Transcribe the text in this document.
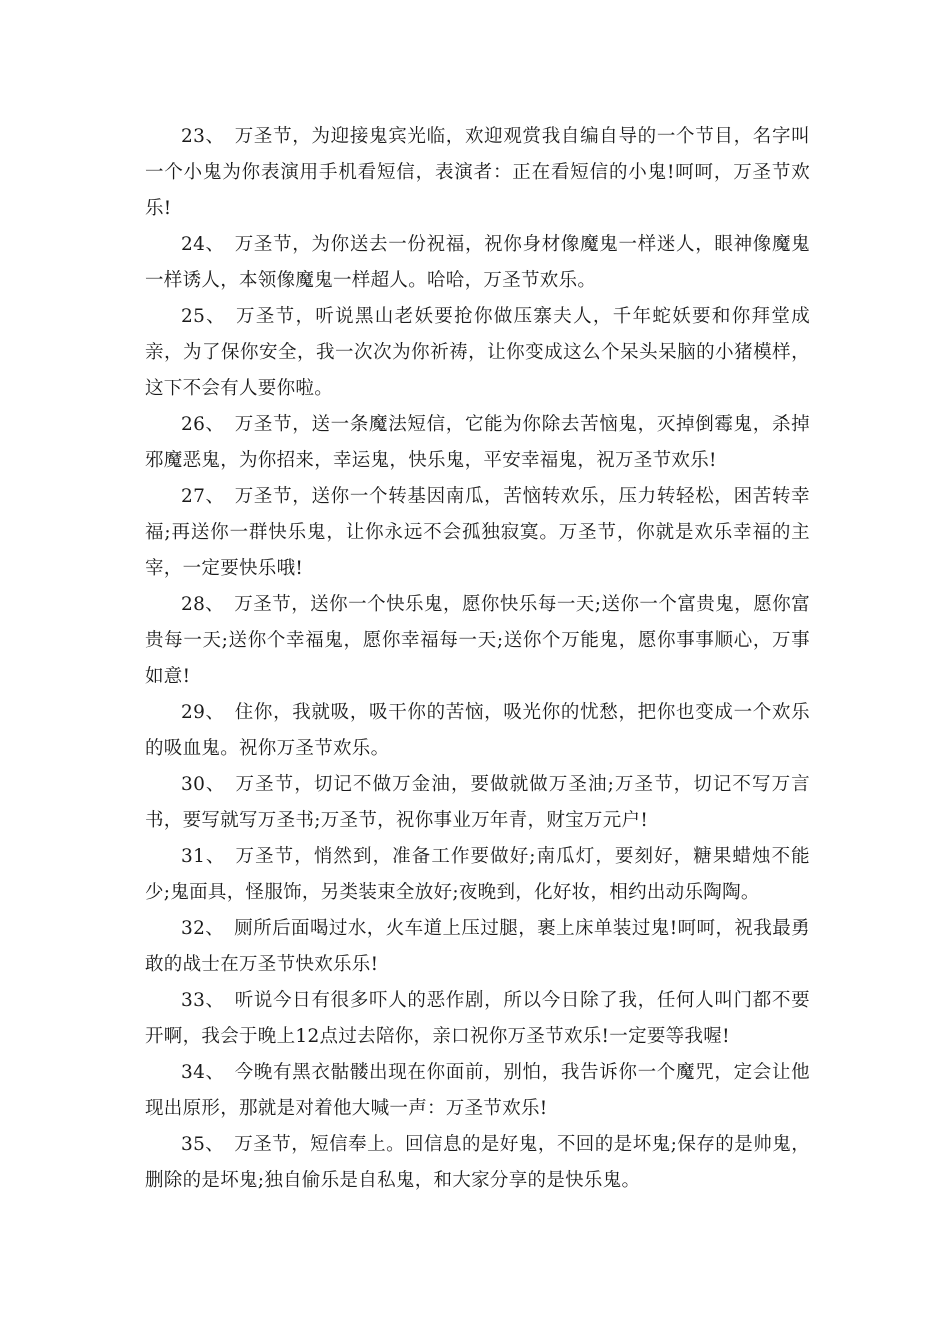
23、 万圣节，为迎接鬼宾光临，欢迎观赏我自编自导的一个节目，名字叫一个小鬼为你表演用手机看短信，表演者：正在看短信的小鬼!呵呵，万圣节欢乐!

24、 万圣节，为你送去一份祝福，祝你身材像魔鬼一样迷人，眼神像魔鬼一样诱人，本领像魔鬼一样超人。哈哈，万圣节欢乐。

25、 万圣节，听说黑山老妖要抢你做压寨夫人，千年蛇妖要和你拜堂成亲，为了保你安全，我一次次为你祈祷，让你变成这么个呆头呆脑的小猪模样，这下不会有人要你啦。

26、 万圣节，送一条魔法短信，它能为你除去苦恼鬼，灭掉倒霉鬼，杀掉邪魔恶鬼，为你招来，幸运鬼，快乐鬼，平安幸福鬼，祝万圣节欢乐!

27、 万圣节，送你一个转基因南瓜，苦恼转欢乐，压力转轻松，困苦转幸福;再送你一群快乐鬼，让你永远不会孤独寂寞。万圣节，你就是欢乐幸福的主宰，一定要快乐哦!

28、 万圣节，送你一个快乐鬼，愿你快乐每一天;送你一个富贵鬼，愿你富贵每一天;送你个幸福鬼，愿你幸福每一天;送你个万能鬼，愿你事事顺心，万事如意!

29、 住你，我就吸，吸干你的苦恼，吸光你的忧愁，把你也变成一个欢乐的吸血鬼。祝你万圣节欢乐。

30、 万圣节，切记不做万金油，要做就做万圣油;万圣节，切记不写万言书，要写就写万圣书;万圣节，祝你事业万年青，财宝万元户!

31、 万圣节，悄然到，准备工作要做好;南瓜灯，要刻好，糖果蜡烛不能少;鬼面具，怪服饰，另类装束全放好;夜晚到，化好妆，相约出动乐陶陶。

32、 厕所后面喝过水，火车道上压过腿，裹上床单装过鬼!呵呵，祝我最勇敢的战士在万圣节快欢乐乐!

33、 听说今日有很多吓人的恶作剧，所以今日除了我，任何人叫门都不要开啊，我会于晚上12点过去陪你，亲口祝你万圣节欢乐!一定要等我喔!

34、 今晚有黑衣骷髅出现在你面前，别怕，我告诉你一个魔咒，定会让他现出原形，那就是对着他大喊一声：万圣节欢乐!

35、 万圣节，短信奉上。回信息的是好鬼，不回的是坏鬼;保存的是帅鬼，删除的是坏鬼;独自偷乐是自私鬼，和大家分享的是快乐鬼。
